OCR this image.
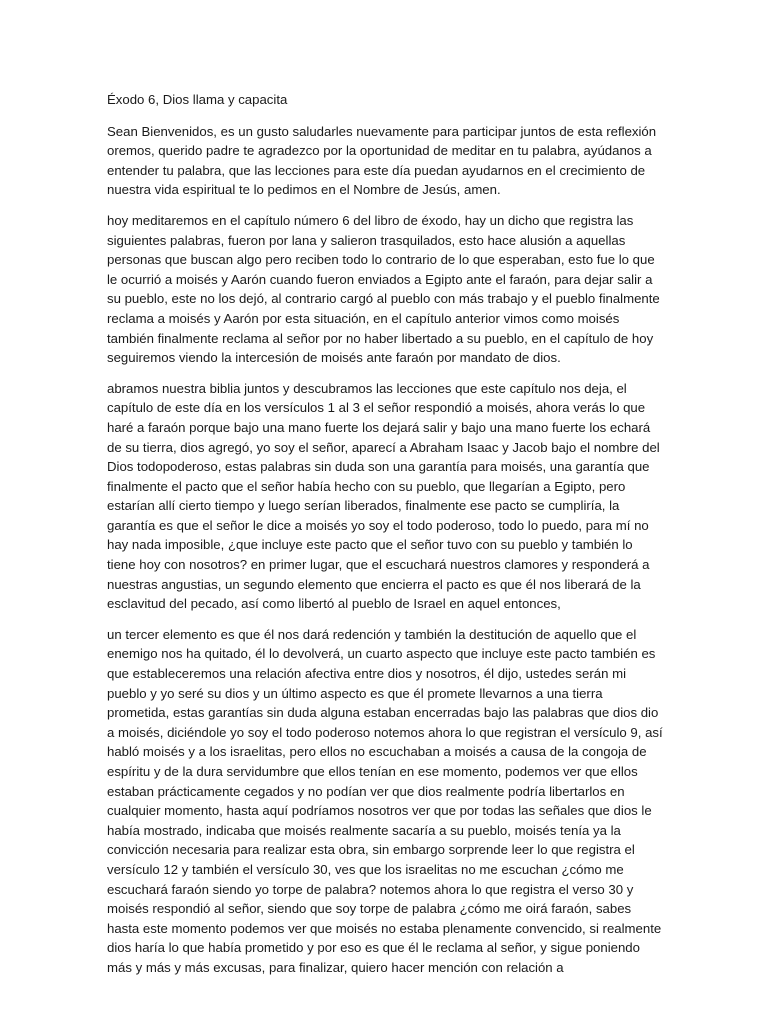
Éxodo 6, Dios llama y capacita

Sean Bienvenidos, es un gusto saludarles nuevamente para participar juntos de esta reflexión oremos, querido padre te agradezco por la oportunidad de meditar en tu palabra, ayúdanos a entender tu palabra, que las lecciones para este día puedan ayudarnos en el crecimiento de nuestra vida espiritual te lo pedimos en el Nombre de Jesús, amen.

hoy meditaremos en el capítulo número 6 del libro de éxodo, hay un dicho que registra las siguientes palabras, fueron por lana y salieron trasquilados, esto hace alusión a aquellas personas que buscan algo pero reciben todo lo contrario de lo que esperaban, esto fue lo que le ocurrió a moisés y Aarón cuando fueron enviados a Egipto ante el faraón, para dejar salir a su pueblo, este no los dejó, al contrario cargó al pueblo con más trabajo y el pueblo finalmente reclama a moisés y Aarón por esta situación, en el capítulo anterior vimos como moisés también finalmente reclama al señor por no haber libertado a su pueblo, en el capítulo de hoy seguiremos viendo la intercesión de moisés ante faraón por mandato de dios.

abramos nuestra biblia juntos y descubramos las lecciones que este capítulo nos deja, el capítulo de este día en los versículos 1 al 3 el señor respondió a moisés, ahora verás lo que haré a faraón porque bajo una mano fuerte los dejará salir y bajo una mano fuerte los echará de su tierra, dios agregó, yo soy el señor, aparecí a Abraham Isaac y Jacob bajo el nombre del Dios todopoderoso, estas palabras sin duda son una garantía para moisés, una garantía que finalmente el pacto que el señor había hecho con su pueblo, que llegarían a Egipto, pero estarían allí cierto tiempo y luego serían liberados, finalmente ese pacto se cumpliría, la garantía es que el señor le dice a moisés yo soy el todo poderoso, todo lo puedo, para mí no hay nada imposible, ¿que incluye este pacto que el señor tuvo con su pueblo y también lo tiene hoy con nosotros? en primer lugar, que el escuchará nuestros clamores y responderá a nuestras angustias, un segundo elemento que encierra el pacto es que él nos liberará de la esclavitud del pecado, así como libertó al pueblo de Israel en aquel entonces,

un tercer elemento es que él nos dará redención y también la destitución de aquello que el enemigo nos ha quitado, él lo devolverá, un cuarto aspecto que incluye este pacto también es que estableceremos una relación afectiva entre dios y nosotros, él dijo, ustedes serán mi pueblo y yo seré su dios y un último aspecto es que él promete llevarnos a una tierra prometida, estas garantías sin duda alguna estaban encerradas bajo las palabras que dios dio a moisés, diciéndole yo soy el todo poderoso notemos ahora lo que registran el versículo 9, así habló moisés y a los israelitas, pero ellos no escuchaban a moisés a causa de la congoja de espíritu y de la dura servidumbre que ellos tenían en ese momento, podemos ver que ellos estaban prácticamente cegados y no podían ver que dios realmente podría libertarlos en cualquier momento, hasta aquí podríamos nosotros ver que por todas las señales que dios le había mostrado, indicaba que moisés realmente sacaría a su pueblo, moisés tenía ya la convicción necesaria para realizar esta obra, sin embargo sorprende leer lo que registra el versículo 12 y también el versículo 30, ves que los israelitas no me escuchan ¿cómo me escuchará faraón siendo yo torpe de palabra? notemos ahora lo que registra el verso 30 y moisés respondió al señor, siendo que soy torpe de palabra ¿cómo me oirá faraón, sabes hasta este momento podemos ver que moisés no estaba plenamente convencido, si realmente dios haría lo que había prometido y por eso es que él le reclama al señor, y sigue poniendo más y más y más excusas, para finalizar, quiero hacer mención con relación a
